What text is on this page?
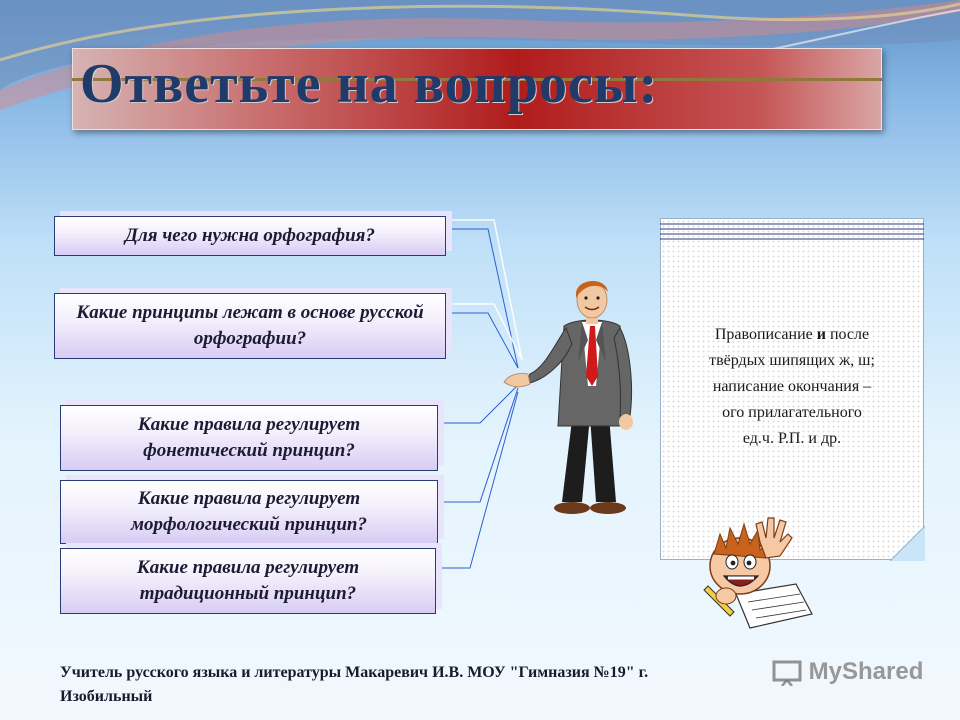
Ответьте на вопросы:
Для чего нужна орфография?
Какие принципы лежат в основе русской орфографии?
Какие правила регулирует фонетический принцип?
Какие правила регулирует морфологический принцип?
Какие правила регулирует традиционный принцип?
Правописание и после
твёрдых шипящих ж, ш;
написание окончания –
ого прилагательного
ед.ч. Р.П. и др.
Учитель русского языка и литературы Макаревич И.В. МОУ "Гимназия №19" г.
Изобильный
MyShared
